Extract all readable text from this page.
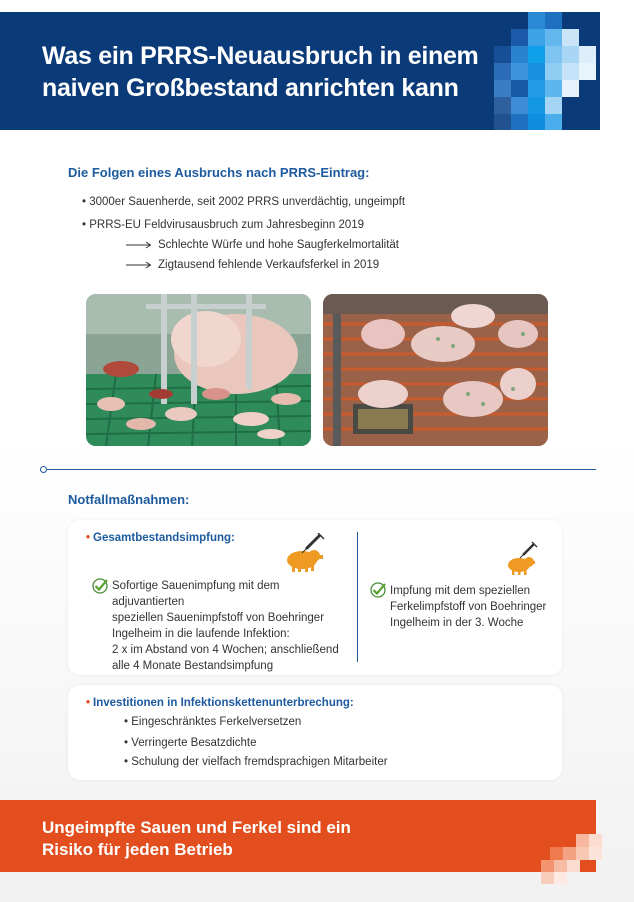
Was ein PRRS-Neuausbruch in einem
naiven Großbestand anrichten kann
Die Folgen eines Ausbruchs nach PRRS-Eintrag:
• 3000er Sauenherde, seit 2002 PRRS unverdächtig, ungeimpft
• PRRS-EU Feldvirusausbruch zum Jahresbeginn 2019
Schlechte Würfe und hohe Saugferkelmortalität
Zigtausend fehlende Verkaufsferkel in 2019
Notfallmaßnahmen:
• Gesamtbestandsimpfung:
Sofortige Sauenimpfung mit dem adjuvantierten
speziellen Sauenimpfstoff von Boehringer
Ingelheim in die laufende Infektion:
2 x im Abstand von 4 Wochen; anschließend
alle 4 Monate Bestandsimpfung
Impfung mit dem speziellen
Ferkelimpfstoff von Boehringer
Ingelheim in der 3. Woche
• Investitionen in Infektionskettenunterbrechung:
• Eingeschränktes Ferkelversetzen
• Verringerte Besatzdichte
• Schulung der vielfach fremdsprachigen Mitarbeiter

Ungeimpfte Sauen und Ferkel sind ein
Risiko für jeden Betrieb
